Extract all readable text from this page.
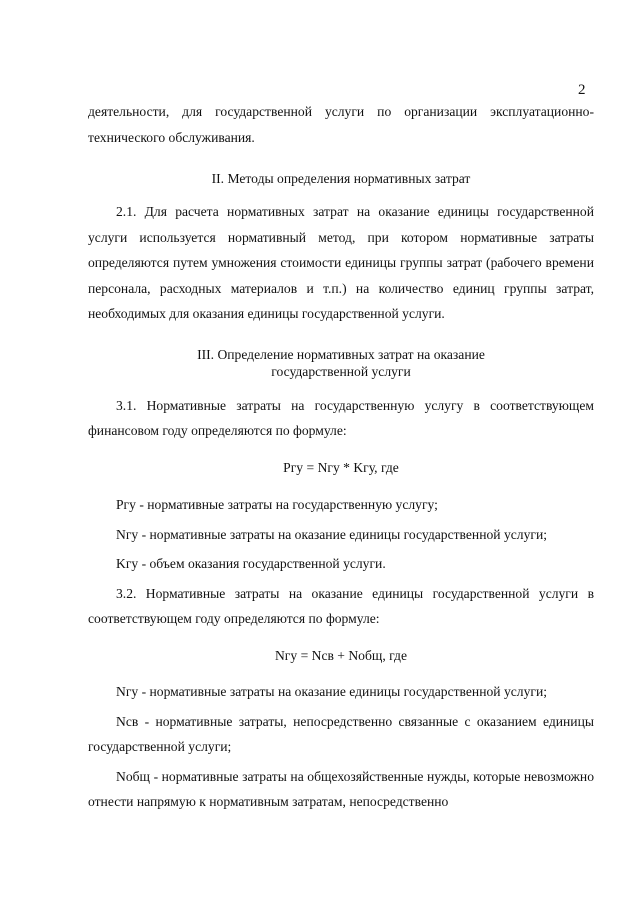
2

деятельности, для государственной услуги по организации эксплуатационно-технического обслуживания.

II. Методы определения нормативных затрат

2.1. Для расчета нормативных затрат на оказание единицы государственной услуги используется нормативный метод, при котором нормативные затраты определяются путем умножения стоимости единицы группы затрат (рабочего времени персонала, расходных материалов и т.п.) на количество единиц группы затрат, необходимых для оказания единицы государственной услуги.

III. Определение нормативных затрат на оказание
государственной услуги

3.1. Нормативные затраты на государственную услугу в соответствующем финансовом году определяются по формуле:

Pгу = Nгу * Kгу, где

Pгу - нормативные затраты на государственную услугу;

Nгу - нормативные затраты на оказание единицы государственной услуги;

Kгу - объем оказания государственной услуги.

3.2. Нормативные затраты на оказание единицы государственной услуги в соответствующем году определяются по формуле:

Nгу = Nсв + Nобщ, где

Nгу - нормативные затраты на оказание единицы государственной услуги;

Nсв - нормативные затраты, непосредственно связанные с оказанием единицы государственной услуги;

Nобщ - нормативные затраты на общехозяйственные нужды, которые невозможно отнести напрямую к нормативным затратам, непосредственно
